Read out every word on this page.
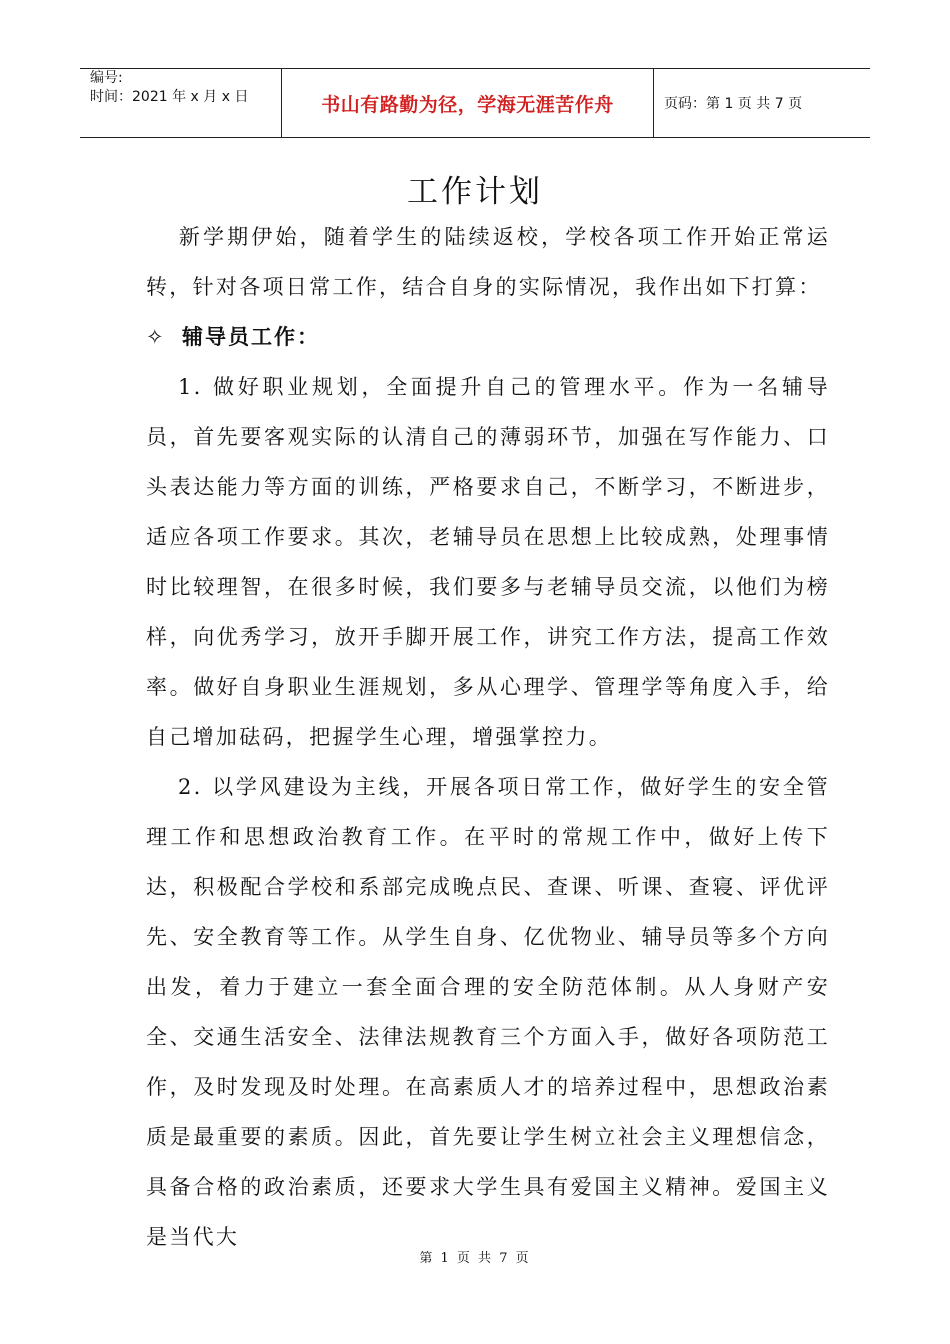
编号:
时间：2021 年 x 月 x 日	书山有路勤为径，学海无涯苦作舟	页码：第 1 页 共 7 页
工作计划

新学期伊始，随着学生的陆续返校，学校各项工作开始正常运转，针对各项日常工作，结合自身的实际情况，我作出如下打算：

✧ 辅导员工作：

1. 做好职业规划，全面提升自己的管理水平。作为一名辅导员，首先要客观实际的认清自己的薄弱环节，加强在写作能力、口头表达能力等方面的训练，严格要求自己，不断学习，不断进步，适应各项工作要求。其次，老辅导员在思想上比较成熟，处理事情时比较理智，在很多时候，我们要多与老辅导员交流，以他们为榜样，向优秀学习，放开手脚开展工作，讲究工作方法，提高工作效率。做好自身职业生涯规划，多从心理学、管理学等角度入手，给自己增加砝码，把握学生心理，增强掌控力。

2. 以学风建设为主线，开展各项日常工作，做好学生的安全管理工作和思想政治教育工作。在平时的常规工作中，做好上传下达，积极配合学校和系部完成晚点民、查课、听课、查寝、评优评先、安全教育等工作。从学生自身、亿优物业、辅导员等多个方向出发，着力于建立一套全面合理的安全防范体制。从人身财产安全、交通生活安全、法律法规教育三个方面入手，做好各项防范工作，及时发现及时处理。在高素质人才的培养过程中，思想政治素质是最重要的素质。因此，首先要让学生树立社会主义理想信念，具备合格的政治素质，还要求大学生具有爱国主义精神。爱国主义是当代大

第 1 页 共 7 页
